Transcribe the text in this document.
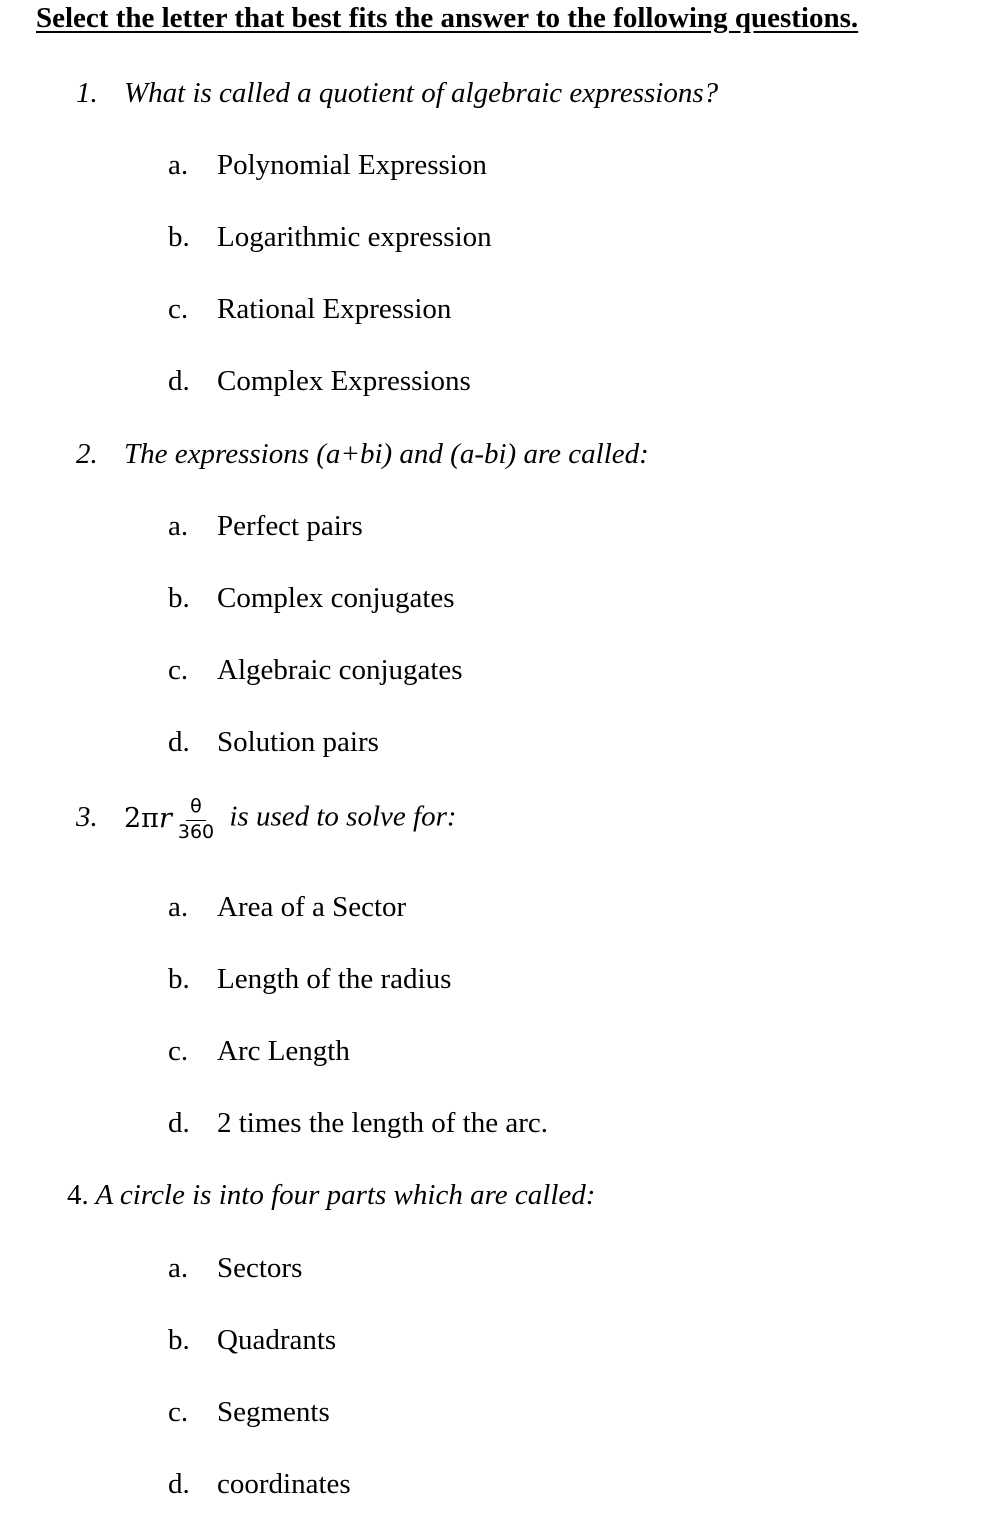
Select the letter that best fits the answer to the following questions.

1. What is called a quotient of algebraic expressions?

a. Polynomial Expression

b. Logarithmic expression

c. Rational Expression

d. Complex Expressions

2. The expressions (a+bi) and (a-bi) are called:

a. Perfect pairs

b. Complex conjugates

c. Algebraic conjugates

d. Solution pairs

3. 2π r $\frac{\theta}{360}$ is used to solve for:

a. Area of a Sector

b. Length of the radius

c. Arc Length

d. 2 times the length of the arc.

4. A circle is into four parts which are called:

a. Sectors

b. Quadrants

c. Segments

d. coordinates
